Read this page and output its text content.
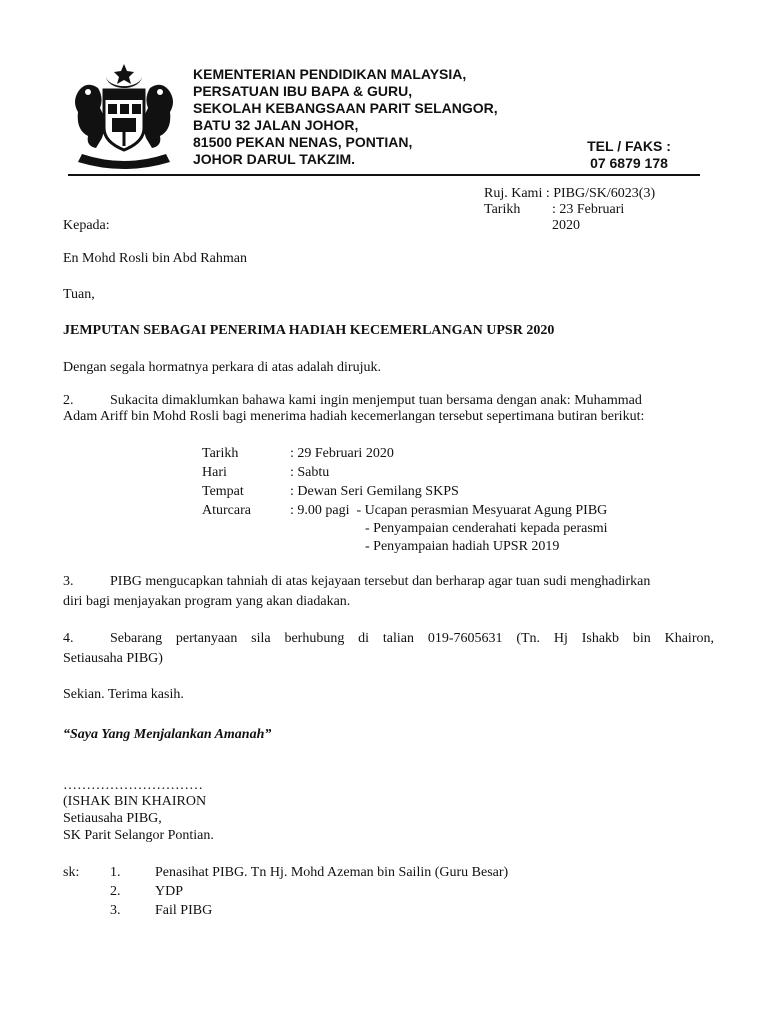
KEMENTERIAN PENDIDIKAN MALAYSIA,
PERSATUAN IBU BAPA & GURU,
SEKOLAH KEBANGSAAN PARIT SELANGOR,
BATU 32 JALAN JOHOR,
81500 PEKAN NENAS, PONTIAN,
JOHOR DARUL TAKZIM.
TEL / FAKS :
07 6879 178
Ruj. Kami : PIBG/SK/6023(3)
Tarikh : 23 Februari 2020
Kepada:
En Mohd Rosli bin Abd Rahman
Tuan,
JEMPUTAN SEBAGAI PENERIMA HADIAH KECEMERLANGAN UPSR 2020
Dengan segala hormatnya perkara di atas adalah dirujuk.
2.	Sukacita dimaklumkan bahawa kami ingin menjemput tuan bersama dengan anak: Muhammad
Adam Ariff bin Mohd Rosli bagi menerima hadiah kecemerlangan tersebut sepertimana butiran berikut:
Tarikh	: 29 Februari 2020
Hari	: Sabtu
Tempat	: Dewan Seri Gemilang SKPS
Aturcara	: 9.00 pagi  - Ucapan perasmian Mesyuarat Agung PIBG
- Penyampaian cenderahati kepada perasmi
- Penyampaian hadiah UPSR 2019
3.	PIBG mengucapkan tahniah di atas kejayaan tersebut dan berharap agar tuan sudi menghadirkan
diri bagi menjayakan program yang akan diadakan.
4.	Sebarang pertanyaan sila berhubung di talian 019-7605631 (Tn. Hj Ishakb bin Khairon,
Setiausaha PIBG)
Sekian. Terima kasih.
“Saya Yang Menjalankan Amanah”
…………………………
(ISHAK BIN KHAIRON
Setiausaha PIBG,
SK Parit Selangor Pontian.
sk: 1. Penasihat PIBG. Tn Hj. Mohd Azeman bin Sailin (Guru Besar)
2. YDP
3. Fail PIBG
